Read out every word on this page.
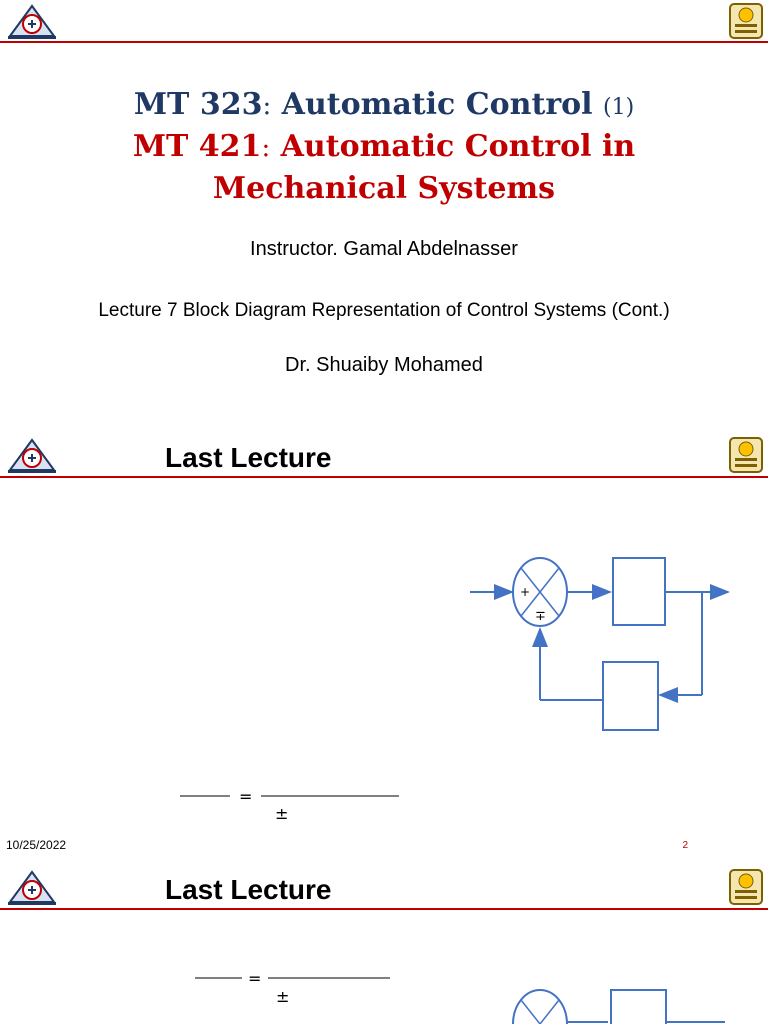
MT 323: Automatic Control (1)
MT 421: Automatic Control in
Mechanical Systems
Instructor. Gamal Abdelnasser
Lecture 7 Block Diagram Representation of Control Systems (Cont.)
Dr. Shuaiby Mohamed
Last Lecture
+
∓
=
±
10/25/2022	2
Last Lecture
=
±
